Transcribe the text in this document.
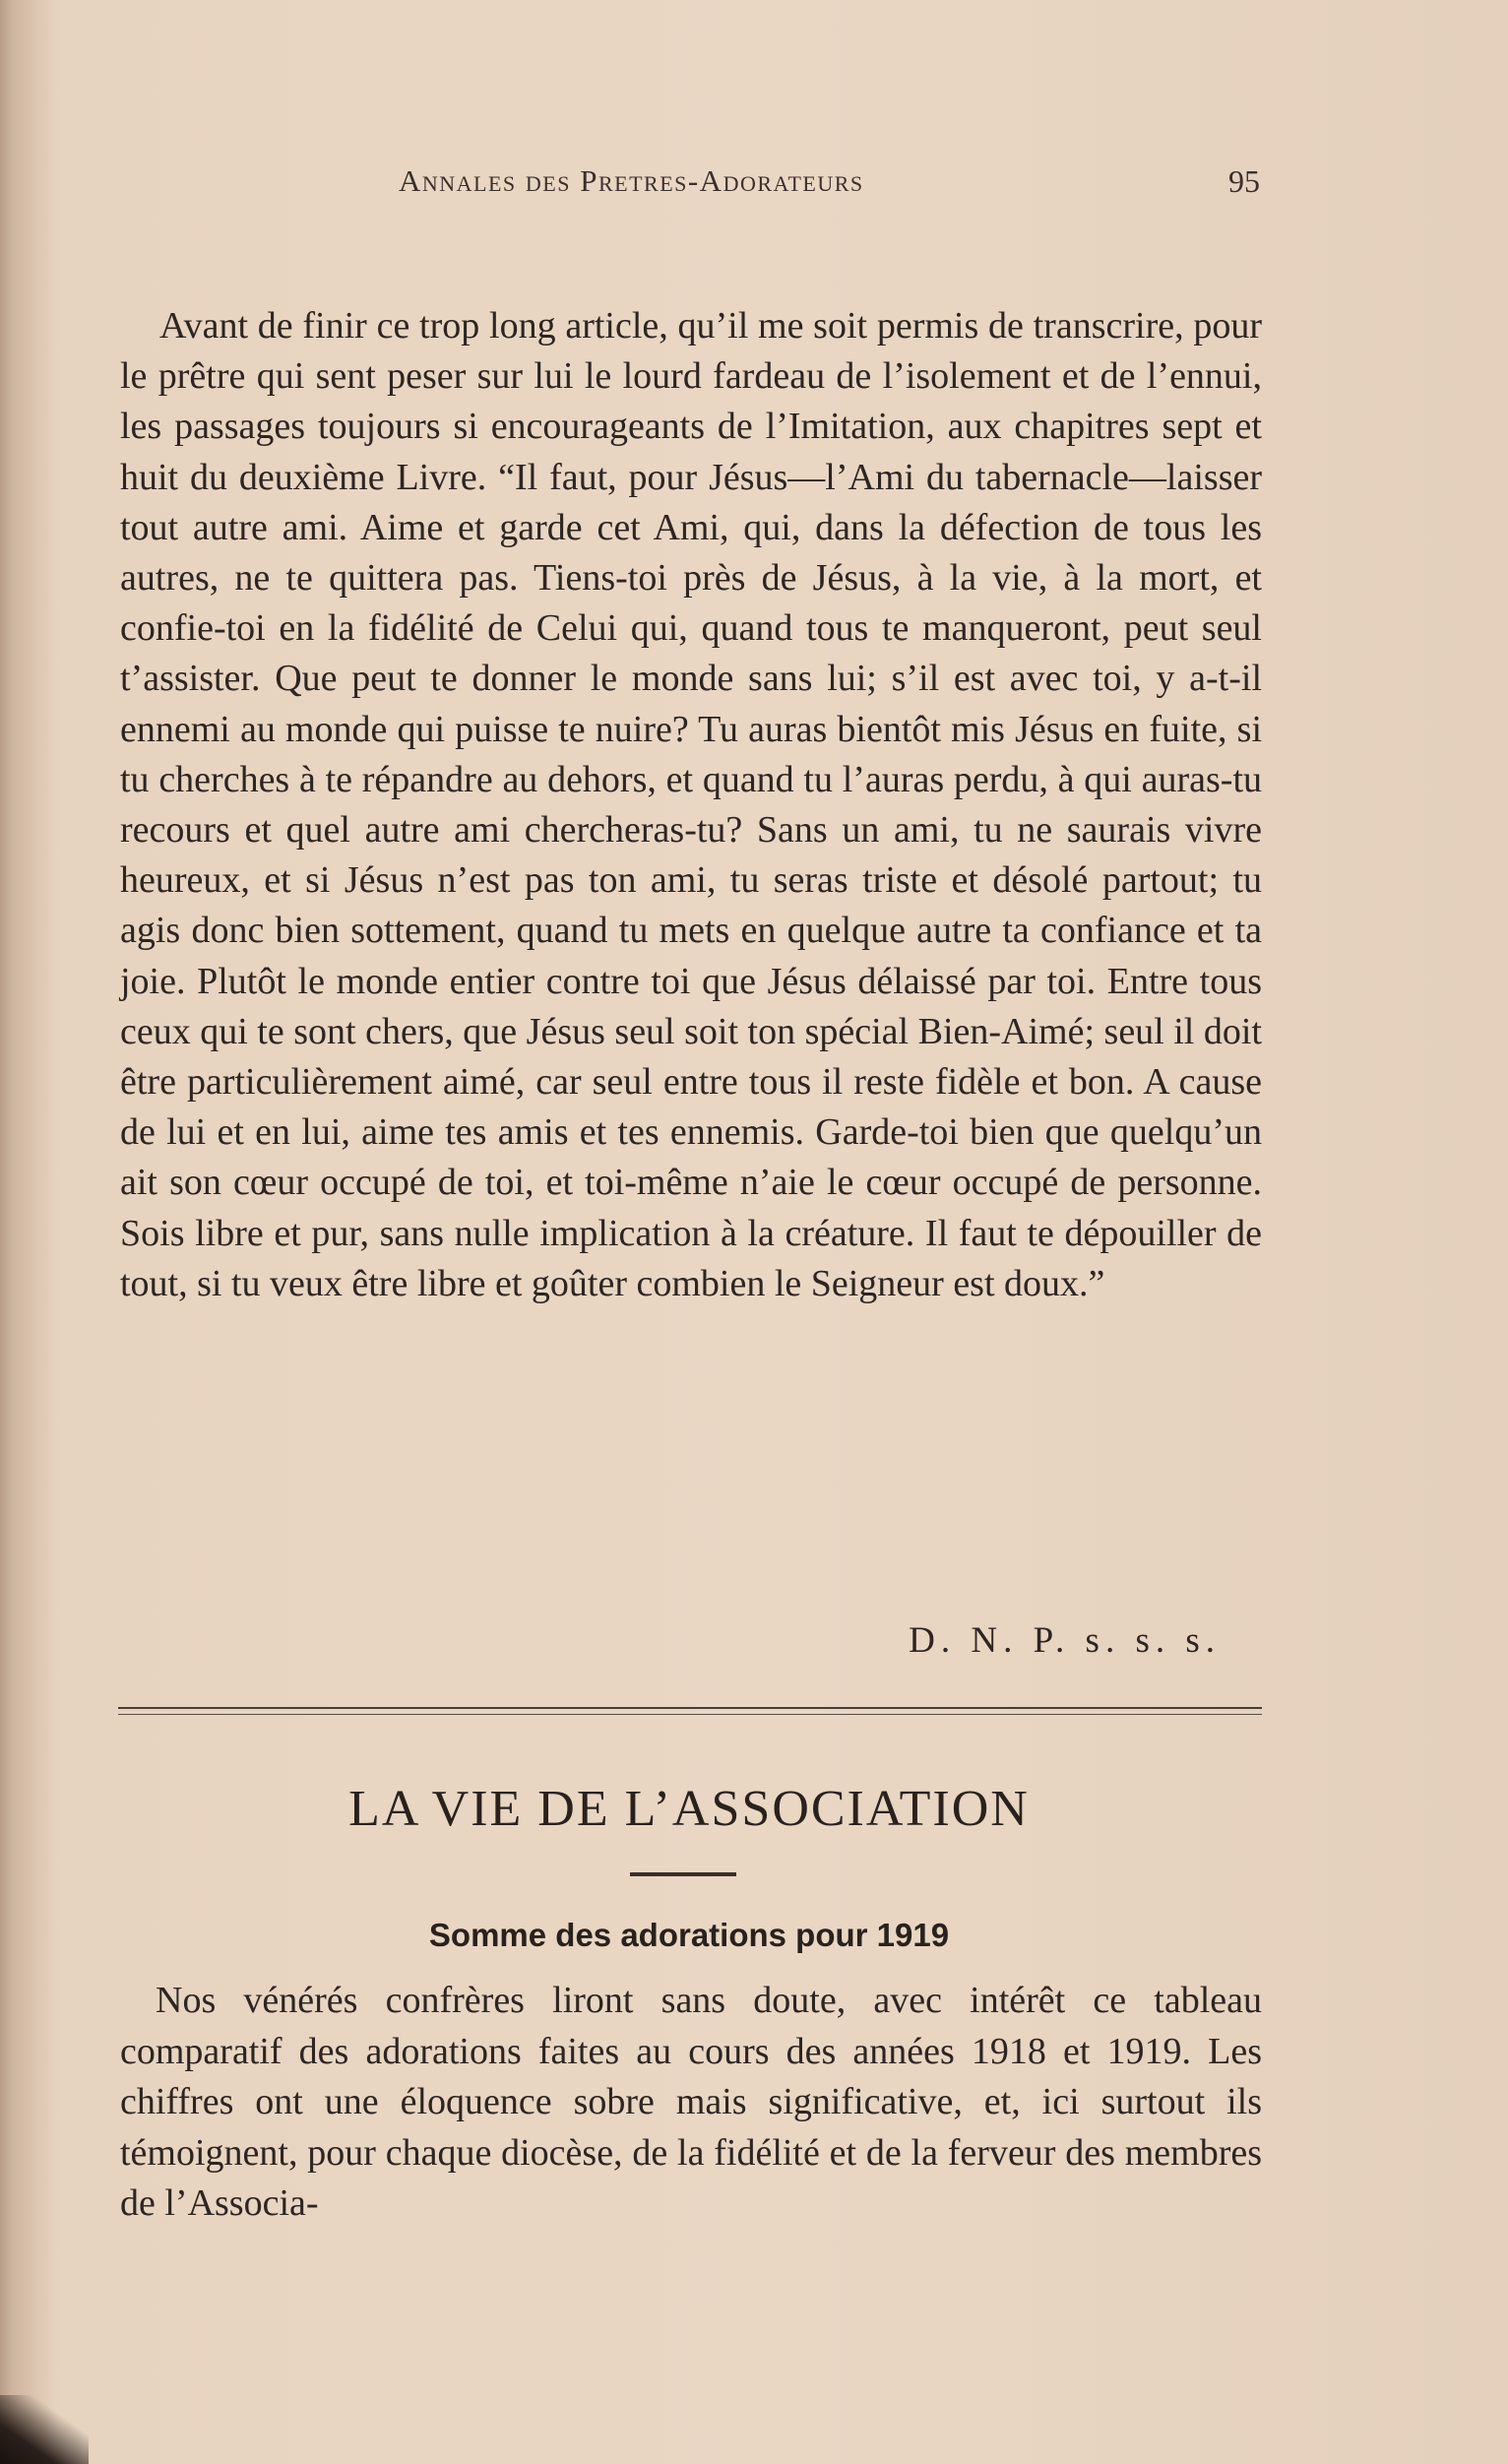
Annales des Pretres-Adorateurs	95

Avant de finir ce trop long article, qu’il me soit permis de transcrire, pour le prêtre qui sent peser sur lui le lourd fardeau de l’isolement et de l’ennui, les passages toujours si encourageants de l’Imitation, aux chapitres sept et huit du deuxième Livre. “Il faut, pour Jésus—l’Ami du tabernacle—laisser tout autre ami. Aime et garde cet Ami, qui, dans la défection de tous les autres, ne te quittera pas. Tiens-toi près de Jésus, à la vie, à la mort, et confie-toi en la fidélité de Celui qui, quand tous te manqueront, peut seul t’assister. Que peut te donner le monde sans lui; s’il est avec toi, y a-t-il ennemi au monde qui puisse te nuire? Tu auras bientôt mis Jésus en fuite, si tu cherches à te répandre au dehors, et quand tu l’auras perdu, à qui auras-tu recours et quel autre ami chercheras-tu? Sans un ami, tu ne saurais vivre heureux, et si Jésus n’est pas ton ami, tu seras triste et désolé partout; tu agis donc bien sottement, quand tu mets en quelque autre ta confiance et ta joie. Plutôt le monde entier contre toi que Jésus délaissé par toi. Entre tous ceux qui te sont chers, que Jésus seul soit ton spécial Bien-Aimé; seul il doit être particulièrement aimé, car seul entre tous il reste fidèle et bon. A cause de lui et en lui, aime tes amis et tes ennemis. Garde-toi bien que quelqu’un ait son cœur occupé de toi, et toi-même n’aie le cœur occupé de personne. Sois libre et pur, sans nulle implication à la créature. Il faut te dépouiller de tout, si tu veux être libre et goûter combien le Seigneur est doux.”

D. N. P. s. s. s.
LA VIE DE L’ASSOCIATION
Somme des adorations pour 1919

Nos vénérés confrères liront sans doute, avec intérêt ce tableau comparatif des adorations faites au cours des années 1918 et 1919. Les chiffres ont une éloquence sobre mais significative, et, ici surtout ils témoignent, pour chaque diocèse, de la fidélité et de la ferveur des membres de l’Associa-
